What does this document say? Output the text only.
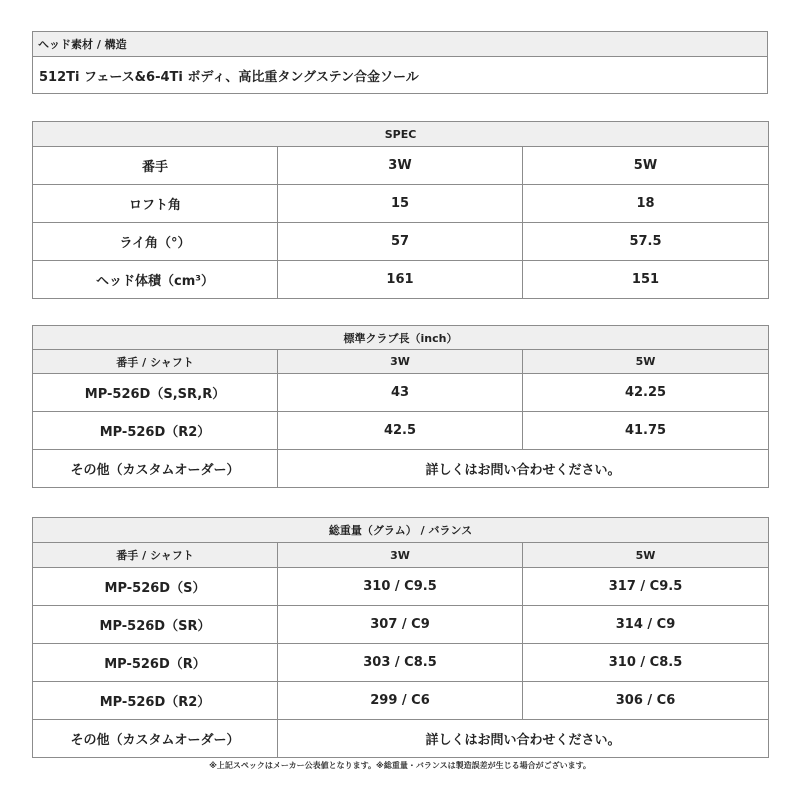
ヘッド素材 / 構造
512Ti フェース&6-4Ti ボディ、高比重タングステン合金ソール
SPEC		
番手	3W	5W
ロフト角	15	18
ライ角（°）	57	57.5
ヘッド体積（cm³）	161	151
標準クラブ長（inch）		
番手 / シャフト	3W	5W
MP-526D（S,SR,R）	43	42.25
MP-526D（R2）	42.5	41.75
その他（カスタムオーダー）	詳しくはお問い合わせください。	
総重量（グラム） / バランス		
番手 / シャフト	3W	5W
MP-526D（S）	310 / C9.5	317 / C9.5
MP-526D（SR）	307 / C9	314 / C9
MP-526D（R）	303 / C8.5	310 / C8.5
MP-526D（R2）	299 / C6	306 / C6
その他（カスタムオーダー）	詳しくはお問い合わせください。	
※上記スペックはメーカー公表値となります。※総重量・バランスは製造誤差が生じる場合がございます。
